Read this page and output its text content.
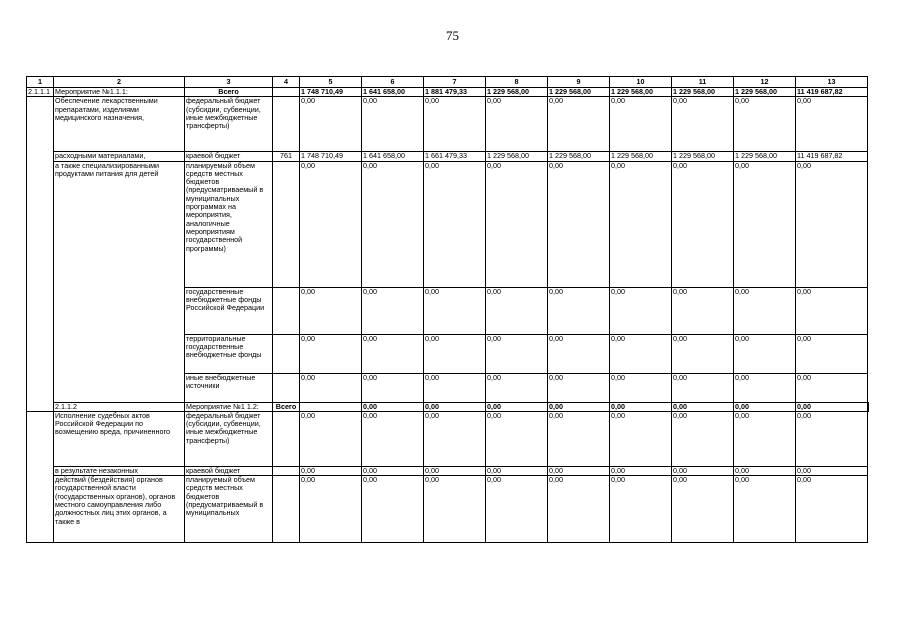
75
1	2	3	4	5	6	7	8	9	10	11	12	13	
2.1.1.1	Мероприятие №1.1.1:	Всего		1 748 710,49	1 641 658,00	1 881 479,33	1 229 568,00	1 229 568,00	1 229 568,00	1 229 568,00	1 229 568,00	11 419 687,82	
	Обеспечение лекарственными препаратами, изделиями медицинского назначения,	федеральный бюджет (субсидии, субвенции, иные межбюджетные трансферты)		0,00	0,00	0,00	0,00	0,00	0,00	0,00	0,00	0,00	
	расходными материалами,	краевой бюджет	761	1 748 710,49	1 641 658,00	1 661 479,33	1 229 568,00	1 229 568,00	1 229 568,00	1 229 568,00	1 229 568,00	11 419 687,82	
	а также специализированными продуктами питания для детей	планируемый объем средств местных бюджетов (предусматриваемый в муниципальных программах на мероприятия, аналогичные мероприятиям государственной программы)		0,00	0,00	0,00	0,00	0,00	0,00	0,00	0,00	0,00	
		государственные внебюджетные фонды Российской Федерации		0,00	0,00	0,00	0,00	0,00	0,00	0,00	0,00	0,00	
		территориальные государственные внебюджетные фонды		0,00	0,00	0,00	0,00	0,00	0,00	0,00	0,00	0,00	
		иные внебюджетные источники		0,00	0,00	0,00	0,00	0,00	0,00	0,00	0,00	0,00	
	2.1.1.2	Мероприятие №1 1.2:	Всего		0,00	0,00	0,00	0,00	0,00	0,00	0,00	0,00	
	Исполнение судебных актов Российской Федерации по возмещению вреда, причиненного	федеральный бюджет (субсидии, субвенции, иные межбюджетные трансферты)		0,00	0,00	0,00	0,00	0,00	0,00	0,00	0,00	0,00	
	в результате незаконных	краевой бюджет		0,00	0,00	0,00	0,00	0,00	0,00	0,00	0,00	0,00	
	действий (бездействия) органов государственной власти (государственных органов), органов местного самоуправления либо должностных лиц этих органов, а также в	планируемый объем средств местных бюджетов (предусматриваемый в муниципальных		0,00	0,00	0,00	0,00	0,00	0,00	0,00	0,00	0,00	
